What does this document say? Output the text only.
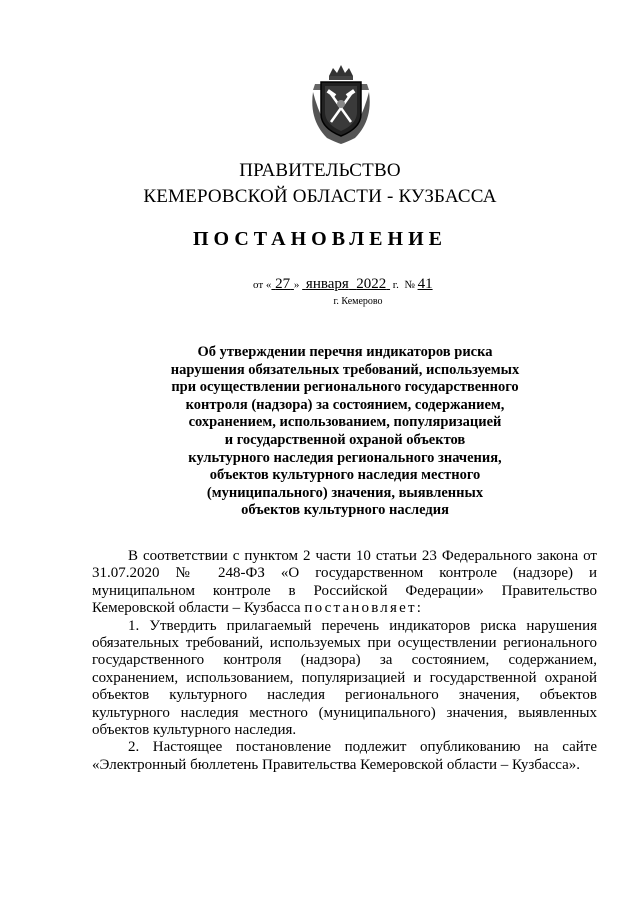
ПРАВИТЕЛЬСТВО
КЕМЕРОВСКОЙ ОБЛАСТИ - КУЗБАССА
ПОСТАНОВЛЕНИЕ
от « 27 » января 2022 г. № 41
г. Кемерово
Об утверждении перечня индикаторов риска
нарушения обязательных требований, используемых
при осуществлении регионального государственного
контроля (надзора) за состоянием, содержанием,
сохранением, использованием, популяризацией
и государственной охраной объектов
культурного наследия регионального значения,
объектов культурного наследия местного
(муниципального) значения, выявленных
объектов культурного наследия

В соответствии с пунктом 2 части 10 статьи 23 Федерального закона от 31.07.2020 № 248-ФЗ «О государственном контроле (надзоре) и муниципальном контроле в Российской Федерации» Правительство Кемеровской области – Кузбасса постановляет:

1. Утвердить прилагаемый перечень индикаторов риска нарушения обязательных требований, используемых при осуществлении регионального государственного контроля (надзора) за состоянием, содержанием, сохранением, использованием, популяризацией и государственной охраной объектов культурного наследия регионального значения, объектов культурного наследия местного (муниципального) значения, выявленных объектов культурного наследия.

2. Настоящее постановление подлежит опубликованию на сайте «Электронный бюллетень Правительства Кемеровской области – Кузбасса».
